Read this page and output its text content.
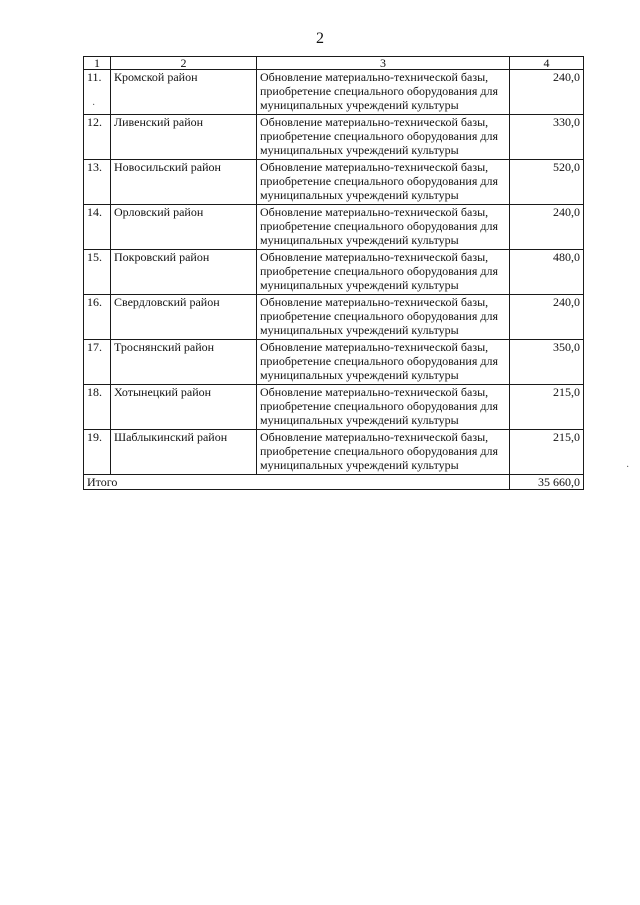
2
1	2	3	4
11.	Кромской район	Обновление материально-технической базы, приобретение специального оборудования для муниципальных учреждений культуры	240,0
12.	Ливенский район	Обновление материально-технической базы, приобретение специального оборудования для муниципальных учреждений культуры	330,0
13.	Новосильский район	Обновление материально-технической базы, приобретение специального оборудования для муниципальных учреждений культуры	520,0
14.	Орловский район	Обновление материально-технической базы, приобретение специального оборудования для муниципальных учреждений культуры	240,0
15.	Покровский район	Обновление материально-технической базы, приобретение специального оборудования для муниципальных учреждений культуры	480,0
16.	Свердловский район	Обновление материально-технической базы, приобретение специального оборудования для муниципальных учреждений культуры	240,0
17.	Троснянский район	Обновление материально-технической базы, приобретение специального оборудования для муниципальных учреждений культуры	350,0
18.	Хотынецкий район	Обновление материально-технической базы, приобретение специального оборудования для муниципальных учреждений культуры	215,0
19.	Шаблыкинский район	Обновление материально-технической базы, приобретение специального оборудования для муниципальных учреждений культуры	215,0
Итого			35 660,0
·
·
